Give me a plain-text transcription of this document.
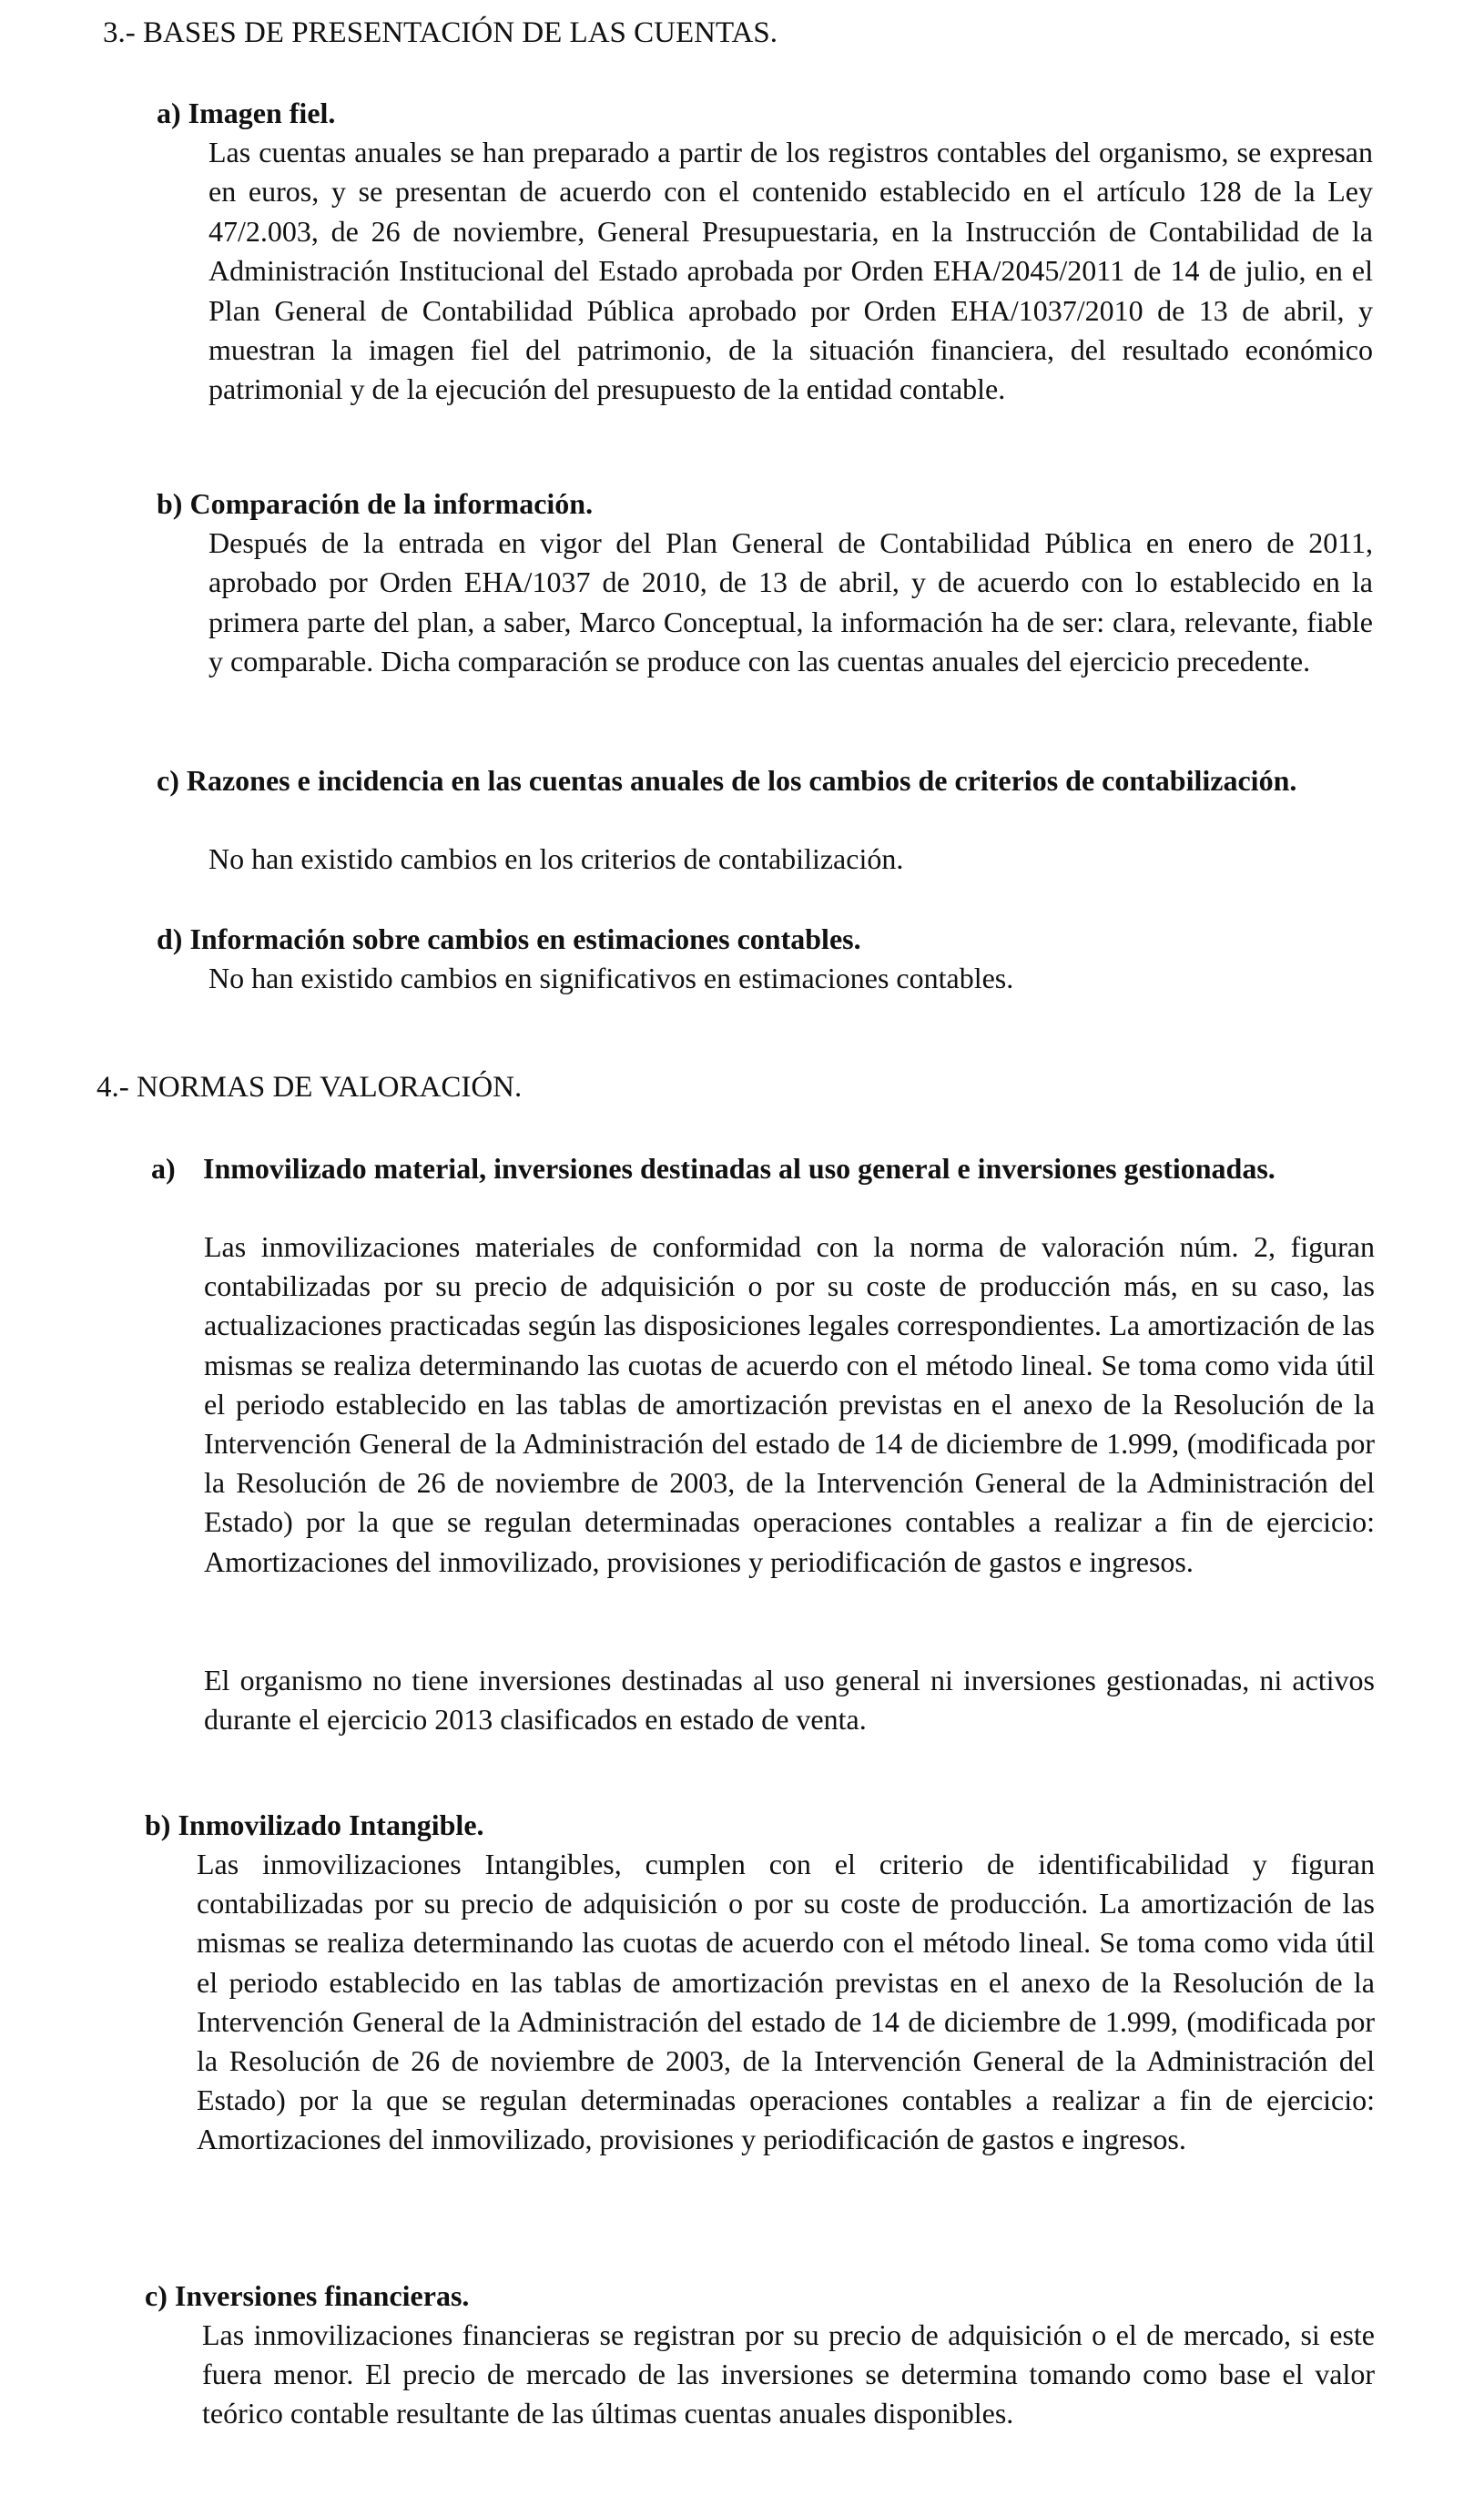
3.- BASES DE PRESENTACIÓN DE LAS CUENTAS.
a) Imagen fiel.

Las cuentas anuales se han preparado a partir de los registros contables del organismo, se expresan en euros, y se presentan de acuerdo con el contenido establecido en el artículo 128 de la Ley 47/2.003, de 26 de noviembre, General Presupuestaria, en la Instrucción de Contabilidad de la Administración Institucional del Estado aprobada por Orden EHA/2045/2011 de 14 de julio, en el Plan General de Contabilidad Pública aprobado por Orden EHA/1037/2010 de 13 de abril, y muestran la imagen fiel del patrimonio, de la situación financiera, del resultado económico patrimonial y de la ejecución del presupuesto de la entidad contable.

b) Comparación de la información.

Después de la entrada en vigor del Plan General de Contabilidad Pública en enero de 2011, aprobado por Orden EHA/1037 de 2010, de 13 de abril, y de acuerdo con lo establecido en la primera parte del plan, a saber, Marco Conceptual, la información ha de ser: clara, relevante, fiable y comparable. Dicha comparación se produce con las cuentas anuales del ejercicio precedente.

c) Razones e incidencia en las cuentas anuales de los cambios de criterios de contabilización.

No han existido cambios en los criterios de contabilización.

d) Información sobre cambios en estimaciones contables.

No han existido cambios en significativos en estimaciones contables.

4.- NORMAS DE VALORACIÓN.
a) Inmovilizado material, inversiones destinadas al uso general e inversiones gestionadas.

Las inmovilizaciones materiales de conformidad con la norma de valoración núm. 2, figuran contabilizadas por su precio de adquisición o por su coste de producción más, en su caso, las actualizaciones practicadas según las disposiciones legales correspondientes. La amortización de las mismas se realiza determinando las cuotas de acuerdo con el método lineal. Se toma como vida útil el periodo establecido en las tablas de amortización previstas en el anexo de la Resolución de la Intervención General de la Administración del estado de 14 de diciembre de 1.999, (modificada por la Resolución de 26 de noviembre de 2003, de la Intervención General de la Administración del Estado) por la que se regulan determinadas operaciones contables a realizar a fin de ejercicio: Amortizaciones del inmovilizado, provisiones y periodificación de gastos e ingresos.

El organismo no tiene inversiones destinadas al uso general ni inversiones gestionadas, ni activos durante el ejercicio 2013 clasificados en estado de venta.

b) Inmovilizado Intangible.

Las inmovilizaciones Intangibles, cumplen con el criterio de identificabilidad y figuran contabilizadas por su precio de adquisición o por su coste de producción. La amortización de las mismas se realiza determinando las cuotas de acuerdo con el método lineal. Se toma como vida útil el periodo establecido en las tablas de amortización previstas en el anexo de la Resolución de la Intervención General de la Administración del estado de 14 de diciembre de 1.999, (modificada por la Resolución de 26 de noviembre de 2003, de la Intervención General de la Administración del Estado) por la que se regulan determinadas operaciones contables a realizar a fin de ejercicio: Amortizaciones del inmovilizado, provisiones y periodificación de gastos e ingresos.

c) Inversiones financieras.

Las inmovilizaciones financieras se registran por su precio de adquisición o el de mercado, si este fuera menor. El precio de mercado de las inversiones se determina tomando como base el valor teórico contable resultante de las últimas cuentas anuales disponibles.
